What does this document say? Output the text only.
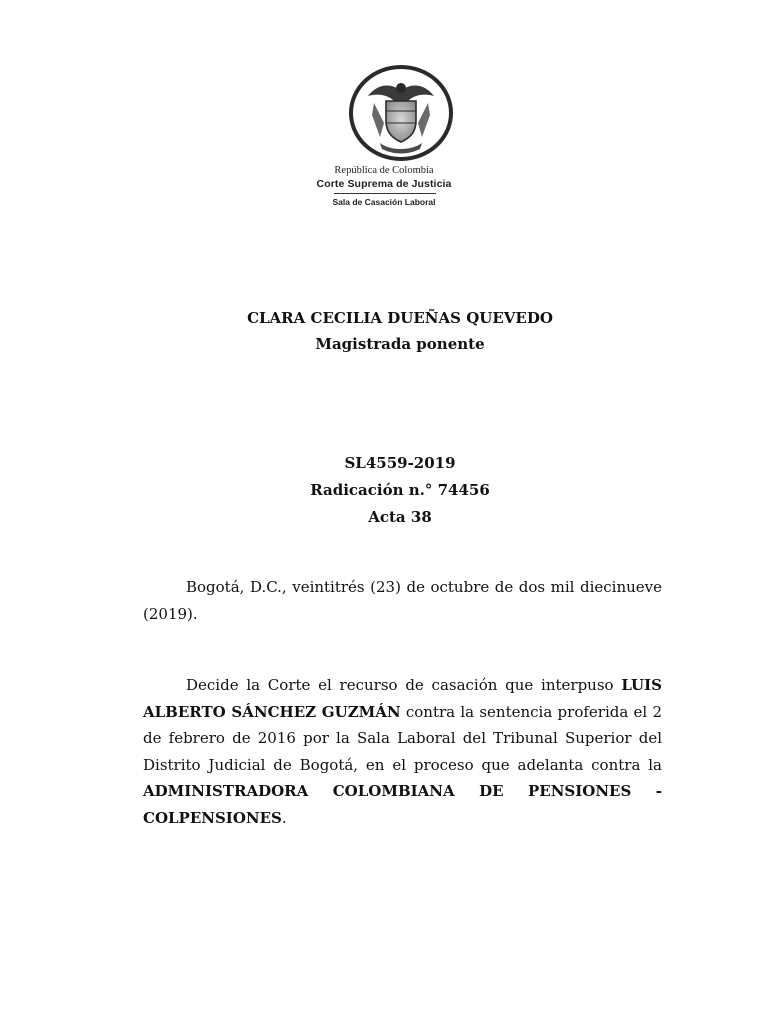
República de Colombia
Corte Suprema de Justicia
Sala de Casación Laboral
CLARA CECILIA DUEÑAS QUEVEDO
Magistrada ponente
SL4559-2019
Radicación n.° 74456
Acta 38
Bogotá, D.C., veintitrés (23) de octubre de dos mil diecinueve (2019).
Decide la Corte el recurso de casación que interpuso LUIS ALBERTO SÁNCHEZ GUZMÁN contra la sentencia proferida el 2 de febrero de 2016 por la Sala Laboral del Tribunal Superior del Distrito Judicial de Bogotá, en el proceso que adelanta contra la ADMINISTRADORA COLOMBIANA DE PENSIONES - COLPENSIONES.
